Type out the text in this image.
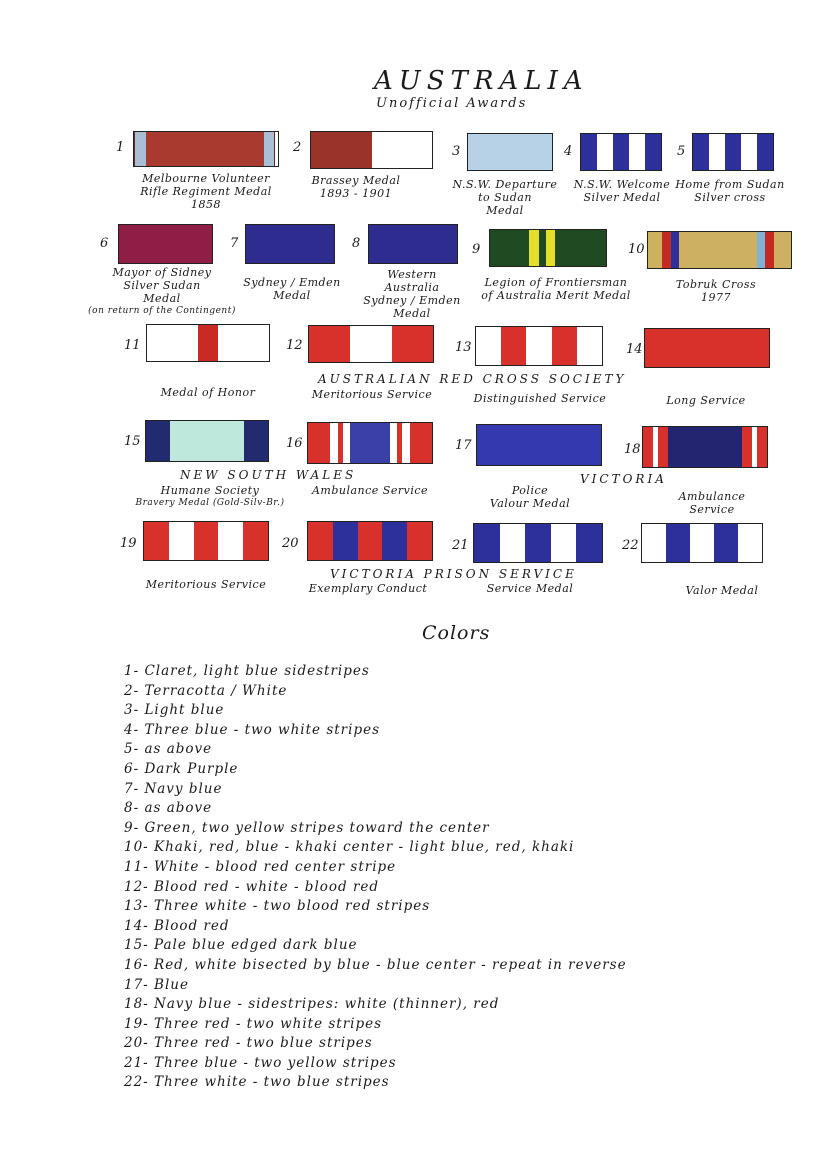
AUSTRALIA
Unofficial Awards
1
Melbourne Volunteer
Rifle Regiment Medal
1858
2
Brassey Medal
1893 - 1901
3
N.S.W. Departure
to Sudan
Medal
4
N.S.W. Welcome
Silver Medal
5
Home from Sudan
Silver cross
6
Mayor of Sidney
Silver Sudan
Medal
(on return of the Contingent)
7
Sydney / Emden
Medal
8
Western
Australia
Sydney / Emden
Medal
9
Legion of Frontiersman
of Australia Merit Medal
10
Tobruk Cross
1977
11
Medal of Honor
12
Meritorious Service
13
Distinguished Service
14
Long Service
15
Humane Society
Bravery Medal (Gold-Silv-Br.)
16
Ambulance Service
17
Police
Valour Medal
18
Ambulance
Service
19
Meritorious Service
20
Exemplary Conduct
21
Service Medal
22
Valor Medal
AUSTRALIAN RED CROSS SOCIETY
NEW SOUTH WALES	VICTORIA
VICTORIA PRISON SERVICE
Colors
1- Claret, light blue sidestripes
2- Terracotta / White
3- Light blue
4- Three blue - two white stripes
5- as above
6- Dark Purple
7- Navy blue
8- as above
9- Green, two yellow stripes toward the center
10- Khaki, red, blue - khaki center - light blue, red, khaki
11- White - blood red center stripe
12- Blood red - white - blood red
13- Three white - two blood red stripes
14- Blood red
15- Pale blue edged dark blue
16- Red, white bisected by blue - blue center - repeat in reverse
17- Blue
18- Navy blue - sidestripes: white (thinner), red
19- Three red - two white stripes
20- Three red - two blue stripes
21- Three blue - two yellow stripes
22- Three white - two blue stripes
